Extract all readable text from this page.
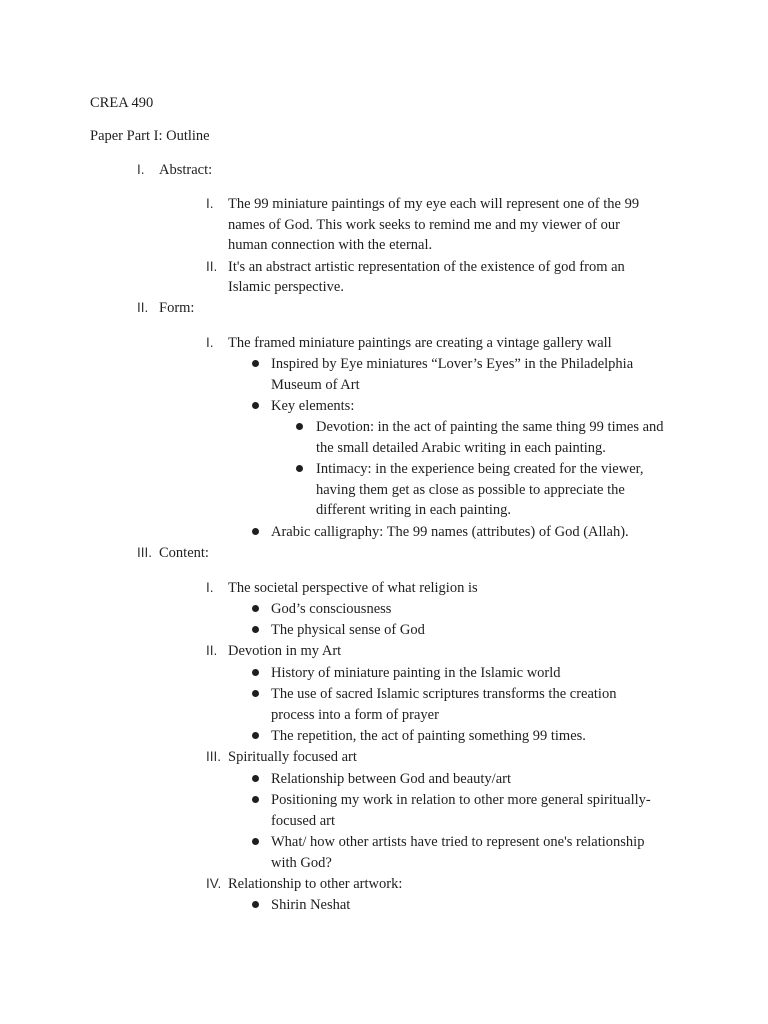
CREA 490
Paper Part I: Outline
I. Abstract:
I. The 99 miniature paintings of my eye each will represent one of the 99
names of God. This work seeks to remind me and my viewer of our
human connection with the eternal.
II. It's an abstract artistic representation of the existence of god from an
Islamic perspective.
II. Form:
I. The framed miniature paintings are creating a vintage gallery wall
Inspired by Eye miniatures “Lover’s Eyes” in the Philadelphia
Museum of Art
Key elements:
Devotion: in the act of painting the same thing 99 times and
the small detailed Arabic writing in each painting.
Intimacy: in the experience being created for the viewer,
having them get as close as possible to appreciate the
different writing in each painting.
Arabic calligraphy: The 99 names (attributes) of God (Allah).
III. Content:
I. The societal perspective of what religion is
God’s consciousness
The physical sense of God
II. Devotion in my Art
History of miniature painting in the Islamic world
The use of sacred Islamic scriptures transforms the creation
process into a form of prayer
The repetition, the act of painting something 99 times.
III. Spiritually focused art
Relationship between God and beauty/art
Positioning my work in relation to other more general spiritually-
focused art
What/ how other artists have tried to represent one's relationship
with God?
IV. Relationship to other artwork:
Shirin Neshat
